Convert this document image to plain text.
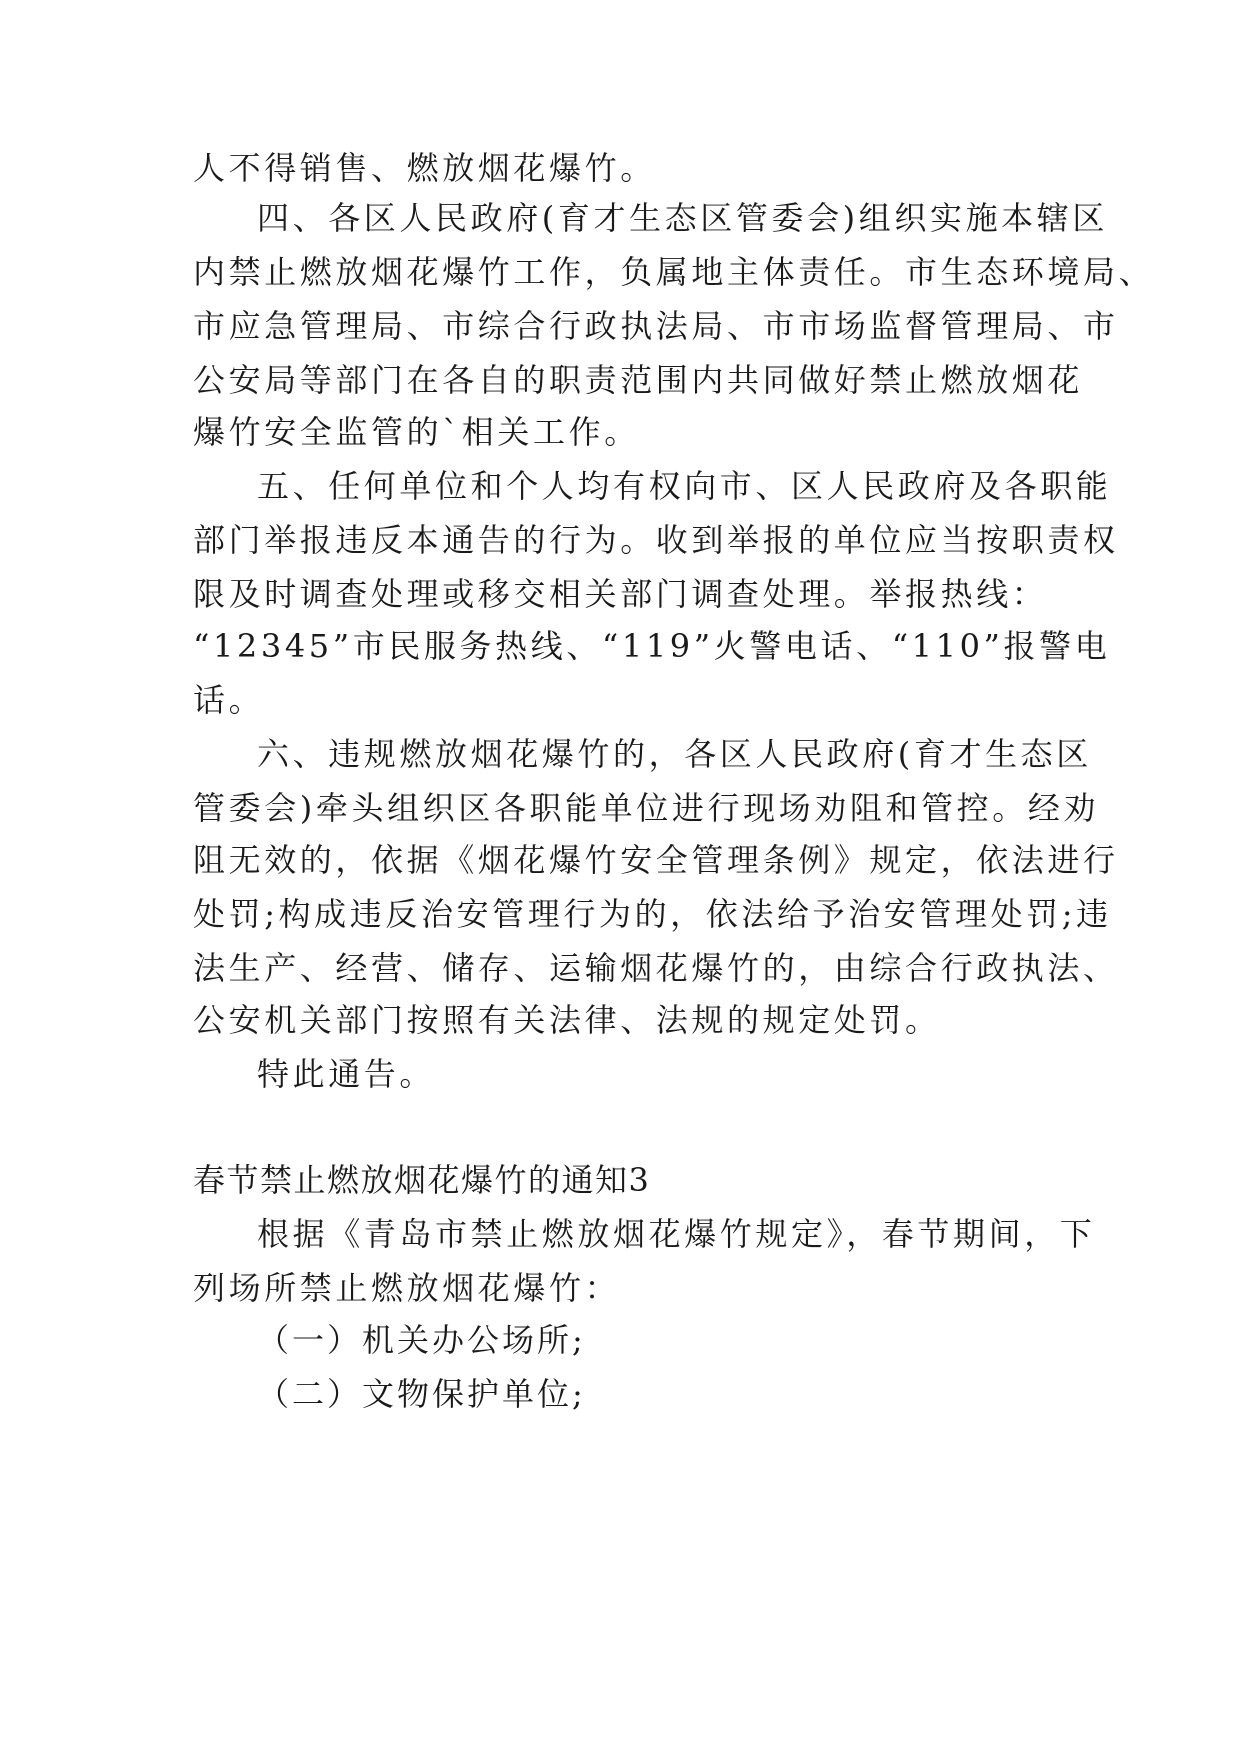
人不得销售、燃放烟花爆竹。
四、各区人民政府(育才生态区管委会)组织实施本辖区
内禁止燃放烟花爆竹工作，负属地主体责任。市生态环境局、
市应急管理局、市综合行政执法局、市市场监督管理局、市
公安局等部门在各自的职责范围内共同做好禁止燃放烟花
爆竹安全监管的`相关工作。
五、任何单位和个人均有权向市、区人民政府及各职能
部门举报违反本通告的行为。收到举报的单位应当按职责权
限及时调查处理或移交相关部门调查处理。举报热线：
“12345”市民服务热线、“119”火警电话、“110”报警电
话。
六、违规燃放烟花爆竹的，各区人民政府(育才生态区
管委会)牵头组织区各职能单位进行现场劝阻和管控。经劝
阻无效的，依据《烟花爆竹安全管理条例》规定，依法进行
处罚;构成违反治安管理行为的，依法给予治安管理处罚;违
法生产、经营、储存、运输烟花爆竹的，由综合行政执法、
公安机关部门按照有关法律、法规的规定处罚。
特此通告。
春节禁止燃放烟花爆竹的通知3
根据《青岛市禁止燃放烟花爆竹规定》，春节期间，下
列场所禁止燃放烟花爆竹：
（一）机关办公场所;
（二）文物保护单位;
